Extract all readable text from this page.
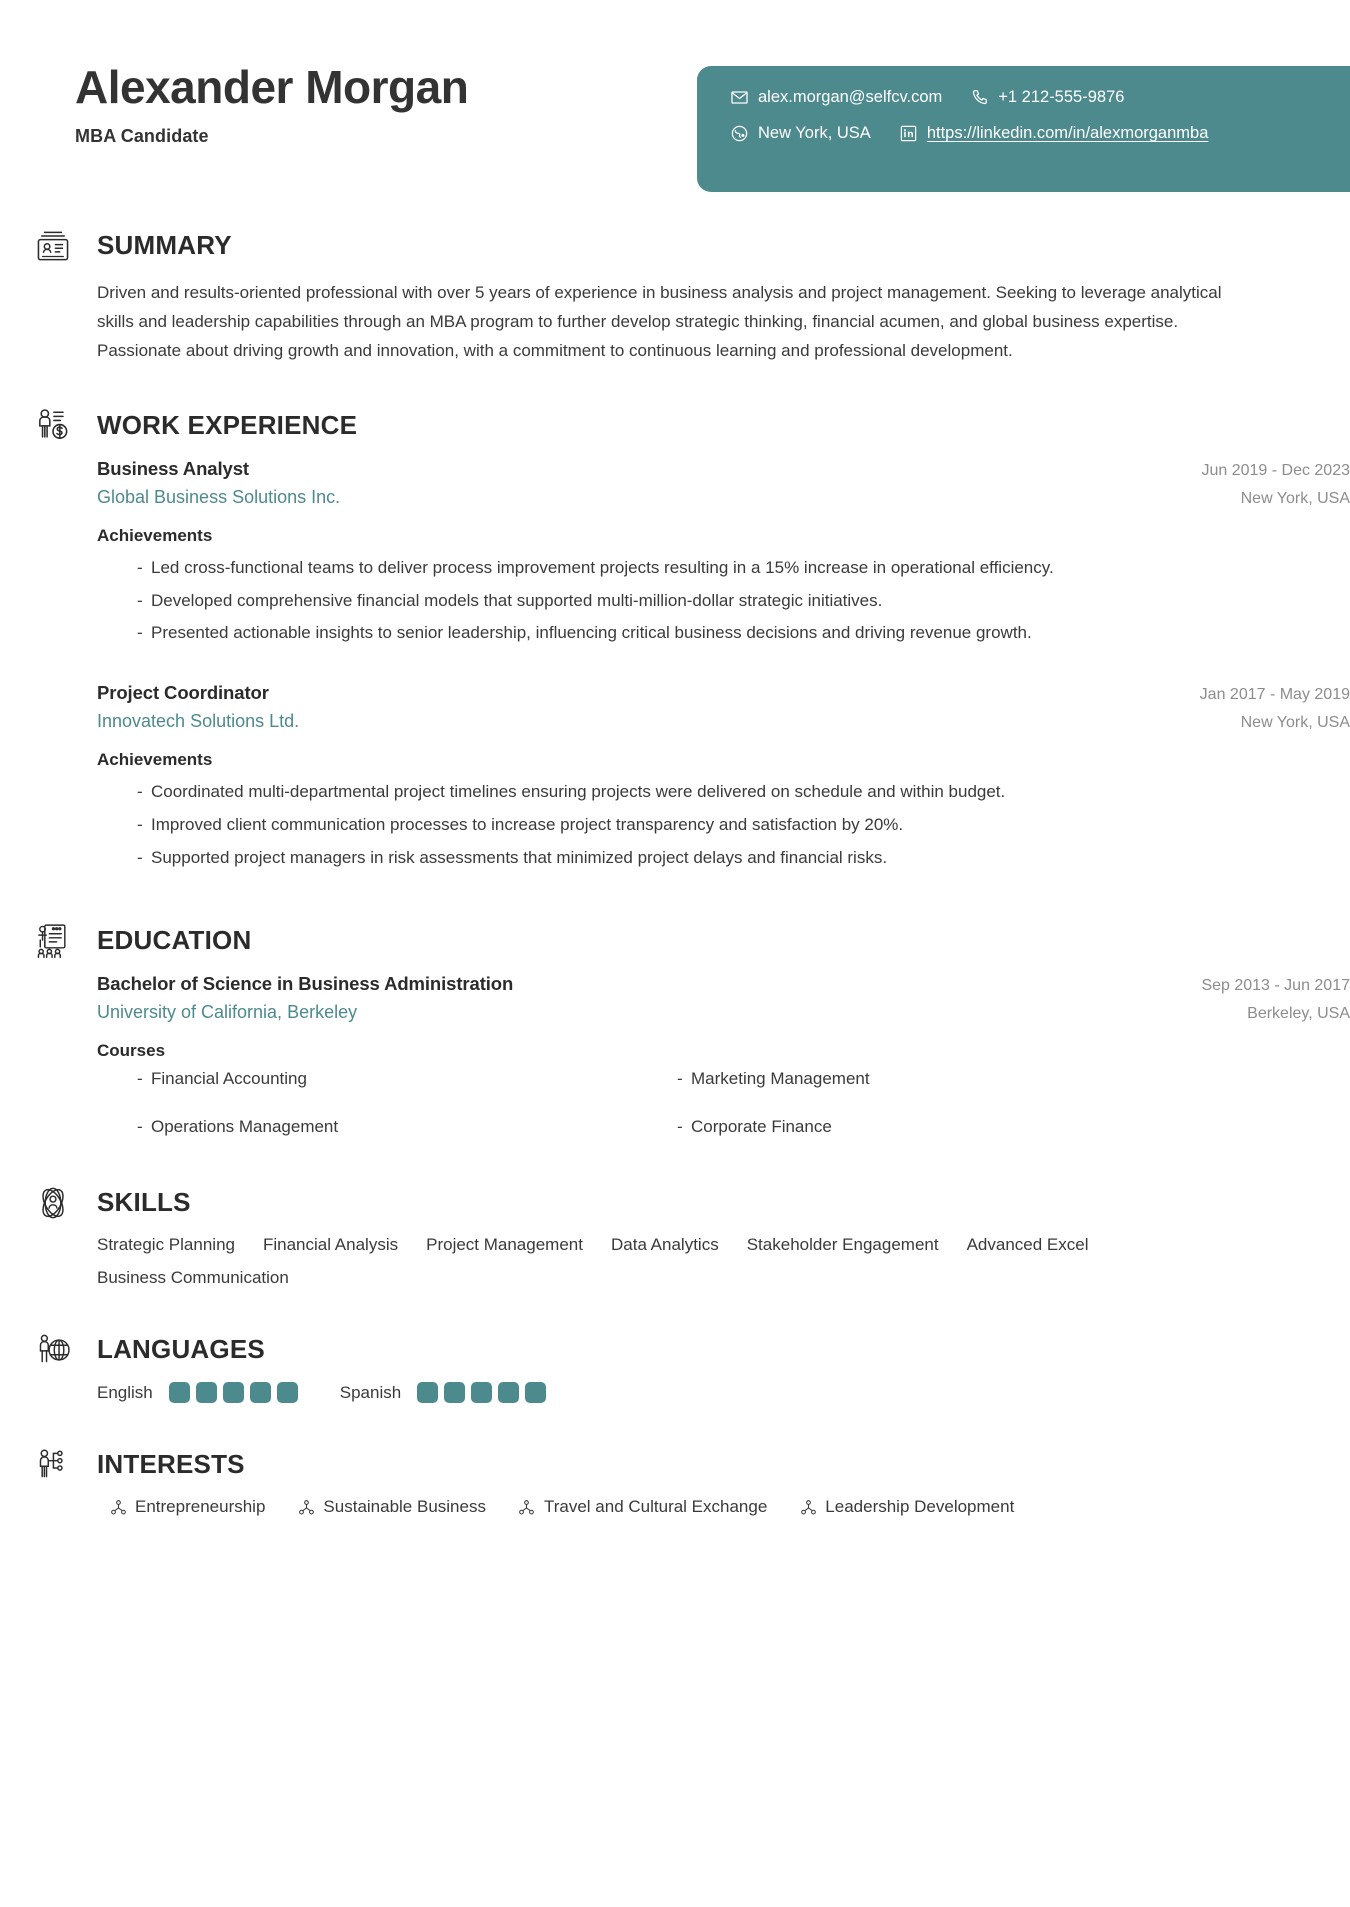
Alexander Morgan
MBA Candidate
alex.morgan@selfcv.com	+1 212-555-9876
New York, USA	https://linkedin.com/in/alexmorganmba
SUMMARY
Driven and results-oriented professional with over 5 years of experience in business analysis and project management. Seeking to leverage analytical skills and leadership capabilities through an MBA program to further develop strategic thinking, financial acumen, and global business expertise. Passionate about driving growth and innovation, with a commitment to continuous learning and professional development.
WORK EXPERIENCE
Business Analyst	Jun 2019 - Dec 2023
Global Business Solutions Inc.	New York, USA
Achievements
- Led cross-functional teams to deliver process improvement projects resulting in a 15% increase in operational efficiency.
- Developed comprehensive financial models that supported multi-million-dollar strategic initiatives.
- Presented actionable insights to senior leadership, influencing critical business decisions and driving revenue growth.
Project Coordinator	Jan 2017 - May 2019
Innovatech Solutions Ltd.	New York, USA
Achievements
- Coordinated multi-departmental project timelines ensuring projects were delivered on schedule and within budget.
- Improved client communication processes to increase project transparency and satisfaction by 20%.
- Supported project managers in risk assessments that minimized project delays and financial risks.
EDUCATION
Bachelor of Science in Business Administration	Sep 2013 - Jun 2017
University of California, Berkeley	Berkeley, USA
Courses
- Financial Accounting	- Marketing Management
- Operations Management	- Corporate Finance
SKILLS
Strategic Planning Financial Analysis Project Management Data Analytics Stakeholder Engagement Advanced Excel
Business Communication
LANGUAGES
English	Spanish
INTERESTS
Entrepreneurship	Sustainable Business	Travel and Cultural Exchange	Leadership Development
